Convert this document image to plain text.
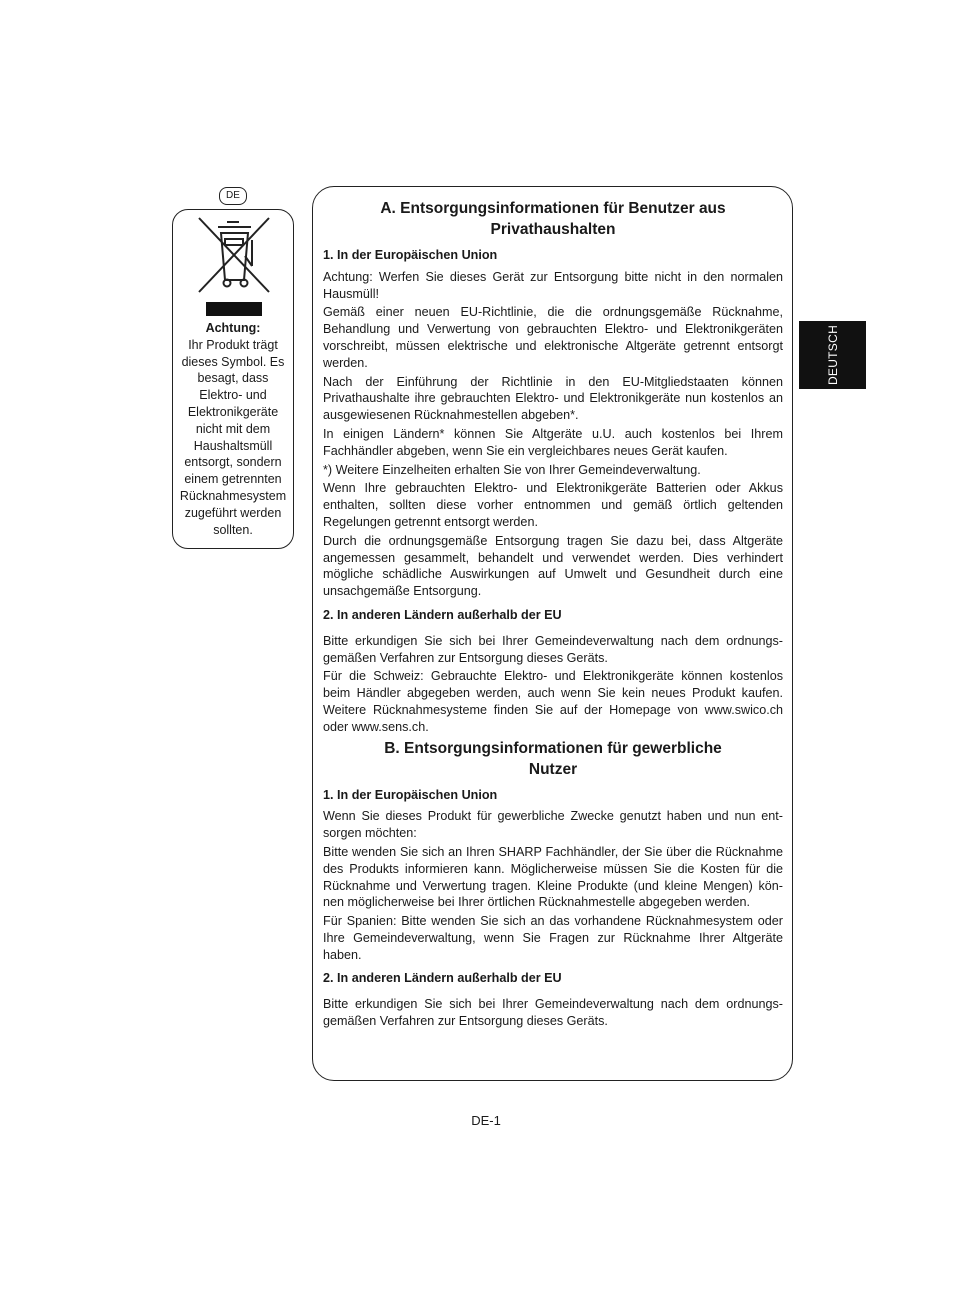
DE
Achtung:
Ihr Produkt trägt dieses Symbol. Es besagt, dass Elektro- und Elektronikgeräte nicht mit dem Haushaltsmüll entsorgt, sondern einem getrennten Rücknahmesystem zugeführt werden sollten.
A. Entsorgungsinformationen für Benutzer aus
Privathaushalten
1. In der Europäischen Union

Achtung: Werfen Sie dieses Gerät zur Entsorgung bitte nicht in den normalen Hausmüll!

Gemäß einer neuen EU-Richtlinie, die die ordnungsgemäße Rücknahme, Behandlung und Verwertung von gebrauchten Elektro- und Elektronikgeräten vorschreibt, müssen elektrische und elektronische Altgeräte getrennt entsorgt werden.

Nach der Einführung der Richtlinie in den EU-Mitgliedstaaten können Privathaushalte ihre gebrauchten Elektro- und Elektronikgeräte nun kostenlos an ausgewiesenen Rücknahmestellen abgeben*.

In einigen Ländern* können Sie Altgeräte u.U. auch kostenlos bei Ihrem Fachhändler abgeben, wenn Sie ein vergleichbares neues Gerät kaufen.

*) Weitere Einzelheiten erhalten Sie von Ihrer Gemeindeverwaltung.

Wenn Ihre gebrauchten Elektro- und Elektronikgeräte Batterien oder Akkus enthalten, sollten diese vorher entnommen und gemäß örtlich geltenden Regelungen getrennt entsorgt werden.

Durch die ordnungsgemäße Entsorgung tragen Sie dazu bei, dass Altgeräte angemessen gesammelt, behandelt und verwendet werden. Dies verhindert mögliche schädliche Auswirkungen auf Umwelt und Gesundheit durch eine unsachgemäße Entsorgung.

2. In anderen Ländern außerhalb der EU

Bitte erkundigen Sie sich bei Ihrer Gemeindeverwaltung nach dem ordnungs-gemäßen Verfahren zur Entsorgung dieses Geräts.

Für die Schweiz: Gebrauchte Elektro- und Elektronikgeräte können kostenlos beim Händler abgegeben werden, auch wenn Sie kein neues Produkt kaufen. Weitere Rücknahmesysteme finden Sie auf der Homepage von www.swico.ch oder www.sens.ch.

B. Entsorgungsinformationen für gewerbliche
Nutzer
1. In der Europäischen Union

Wenn Sie dieses Produkt für gewerbliche Zwecke genutzt haben und nun ent-sorgen möchten:

Bitte wenden Sie sich an Ihren SHARP Fachhändler, der Sie über die Rücknahme des Produkts informieren kann. Möglicherweise müssen Sie die Kosten für die Rücknahme und Verwertung tragen. Kleine Produkte (und kleine Mengen) kön-nen möglicherweise bei Ihrer örtlichen Rücknahmestelle abgegeben werden.

Für Spanien: Bitte wenden Sie sich an das vorhandene Rücknahmesystem oder Ihre Gemeindeverwaltung, wenn Sie Fragen zur Rücknahme Ihrer Altgeräte haben.

2. In anderen Ländern außerhalb der EU

Bitte erkundigen Sie sich bei Ihrer Gemeindeverwaltung nach dem ordnungs-gemäßen Verfahren zur Entsorgung dieses Geräts.

DEUTSCH
DE-1
